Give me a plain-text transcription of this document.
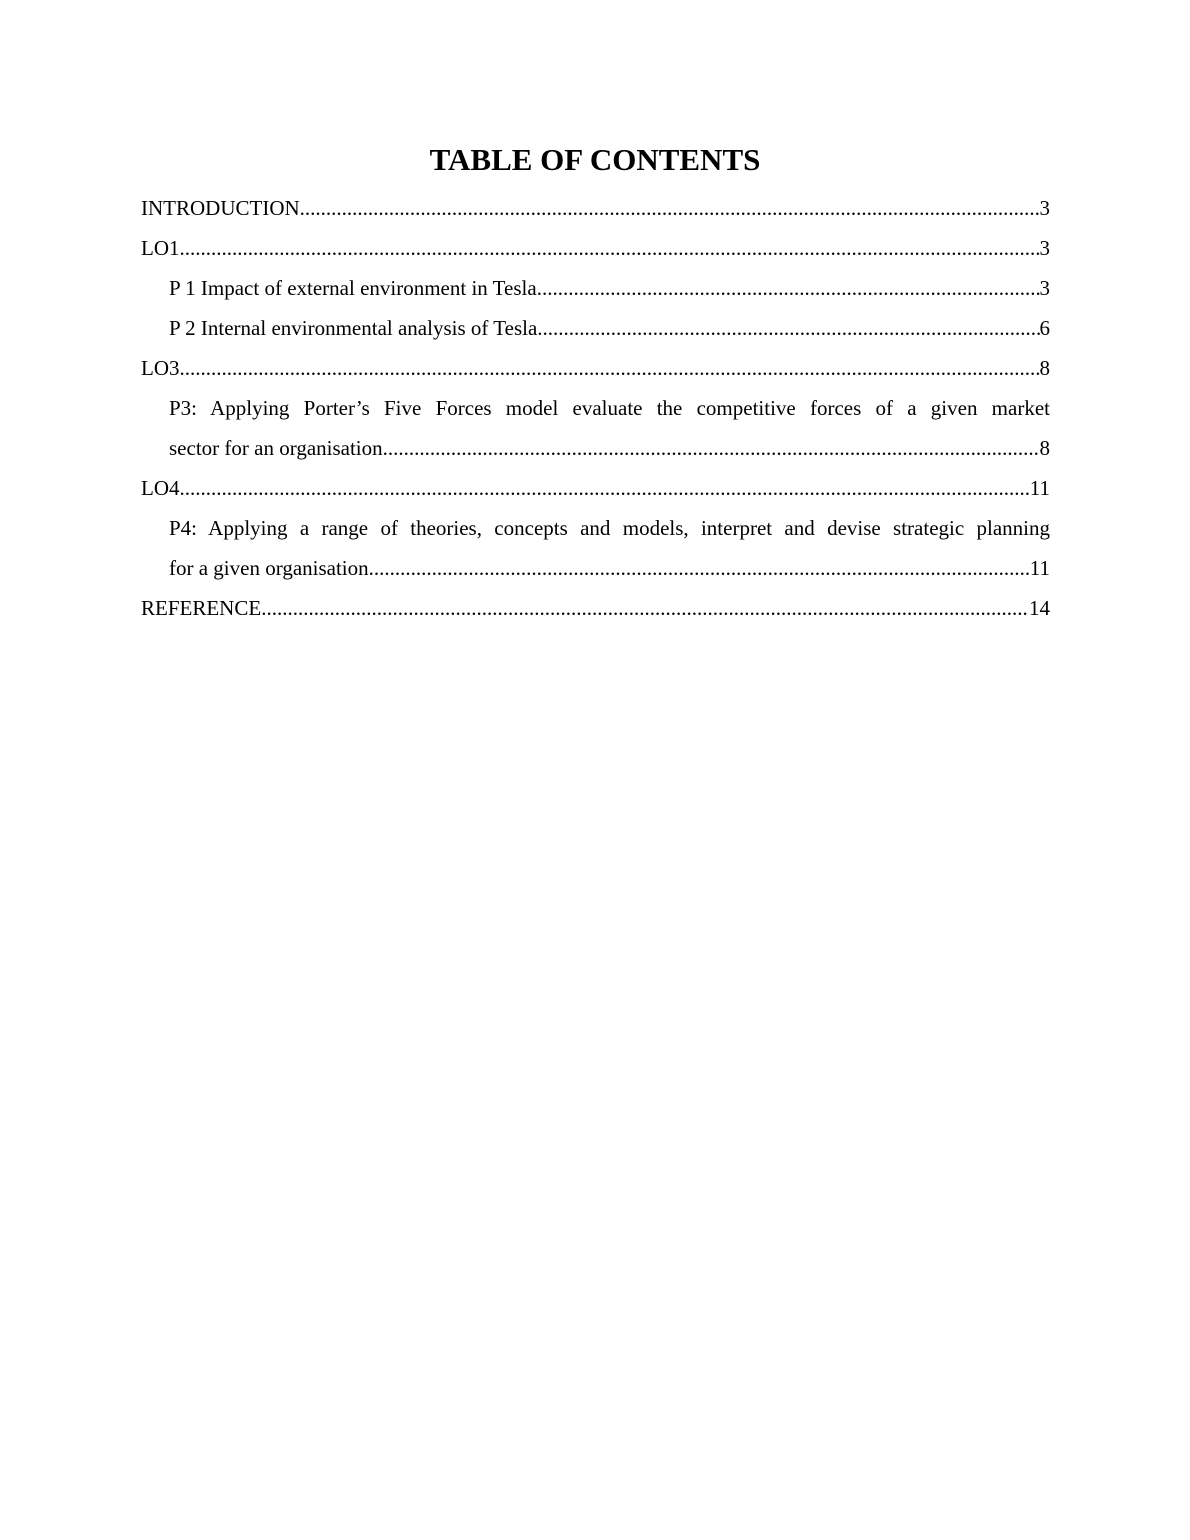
TABLE OF CONTENTS
INTRODUCTION .....	3
LO1 .....	3
P 1 Impact of external environment in Tesla .....	3
P 2 Internal environmental analysis of Tesla .....	6
LO3 .....	8
P3: Applying Porter’s Five Forces model evaluate the competitive forces of a given market
sector for an organisation .....	8
LO4 .....	11
P4: Applying a range of theories, concepts and models, interpret and devise strategic planning
for a given organisation .....	11
REFERENCE .....	14
